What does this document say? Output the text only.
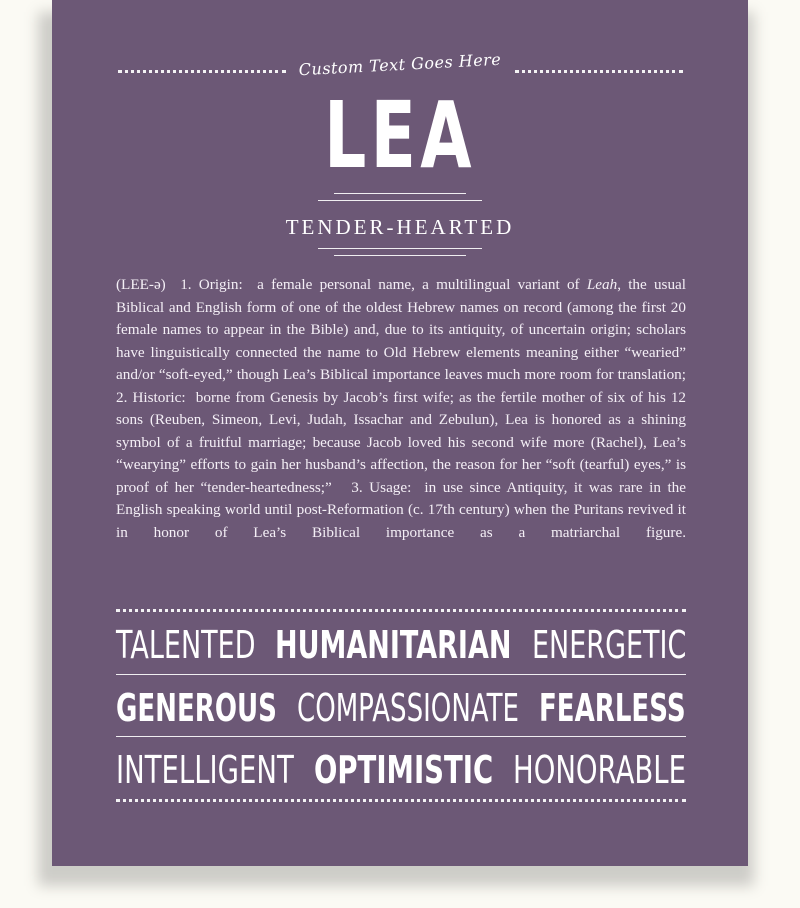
Custom Text Goes Here
LEA
TENDER-HEARTED
(LEE-ə) 1. Origin: a female personal name, a multilingual variant of Leah, the usual Biblical and English form of one of the oldest Hebrew names on record (among the first 20 female names to appear in the Bible) and, due to its antiquity, of uncertain origin; scholars have linguistically connected the name to Old Hebrew elements meaning either “wearied” and/or “soft-eyed,” though Lea’s Biblical importance leaves much more room for translation; 2. Historic: borne from Genesis by Jacob’s first wife; as the fertile mother of six of his 12 sons (Reuben, Simeon, Levi, Judah, Issachar and Zebulun), Lea is honored as a shining symbol of a fruitful marriage; because Jacob loved his second wife more (Rachel), Lea’s “wearying” efforts to gain her husband’s affection, the reason for her “soft (tearful) eyes,” is proof of her “tender-heartedness;” 3. Usage: in use since Antiquity, it was rare in the English speaking world until post-Reformation (c. 17th century) when the Puritans revived it in honor of Lea’s Biblical importance as a matriarchal figure.
TALENTED HUMANITARIAN ENERGETIC
GENEROUS COMPASSIONATE FEARLESS
INTELLIGENT OPTIMISTIC HONORABLE
